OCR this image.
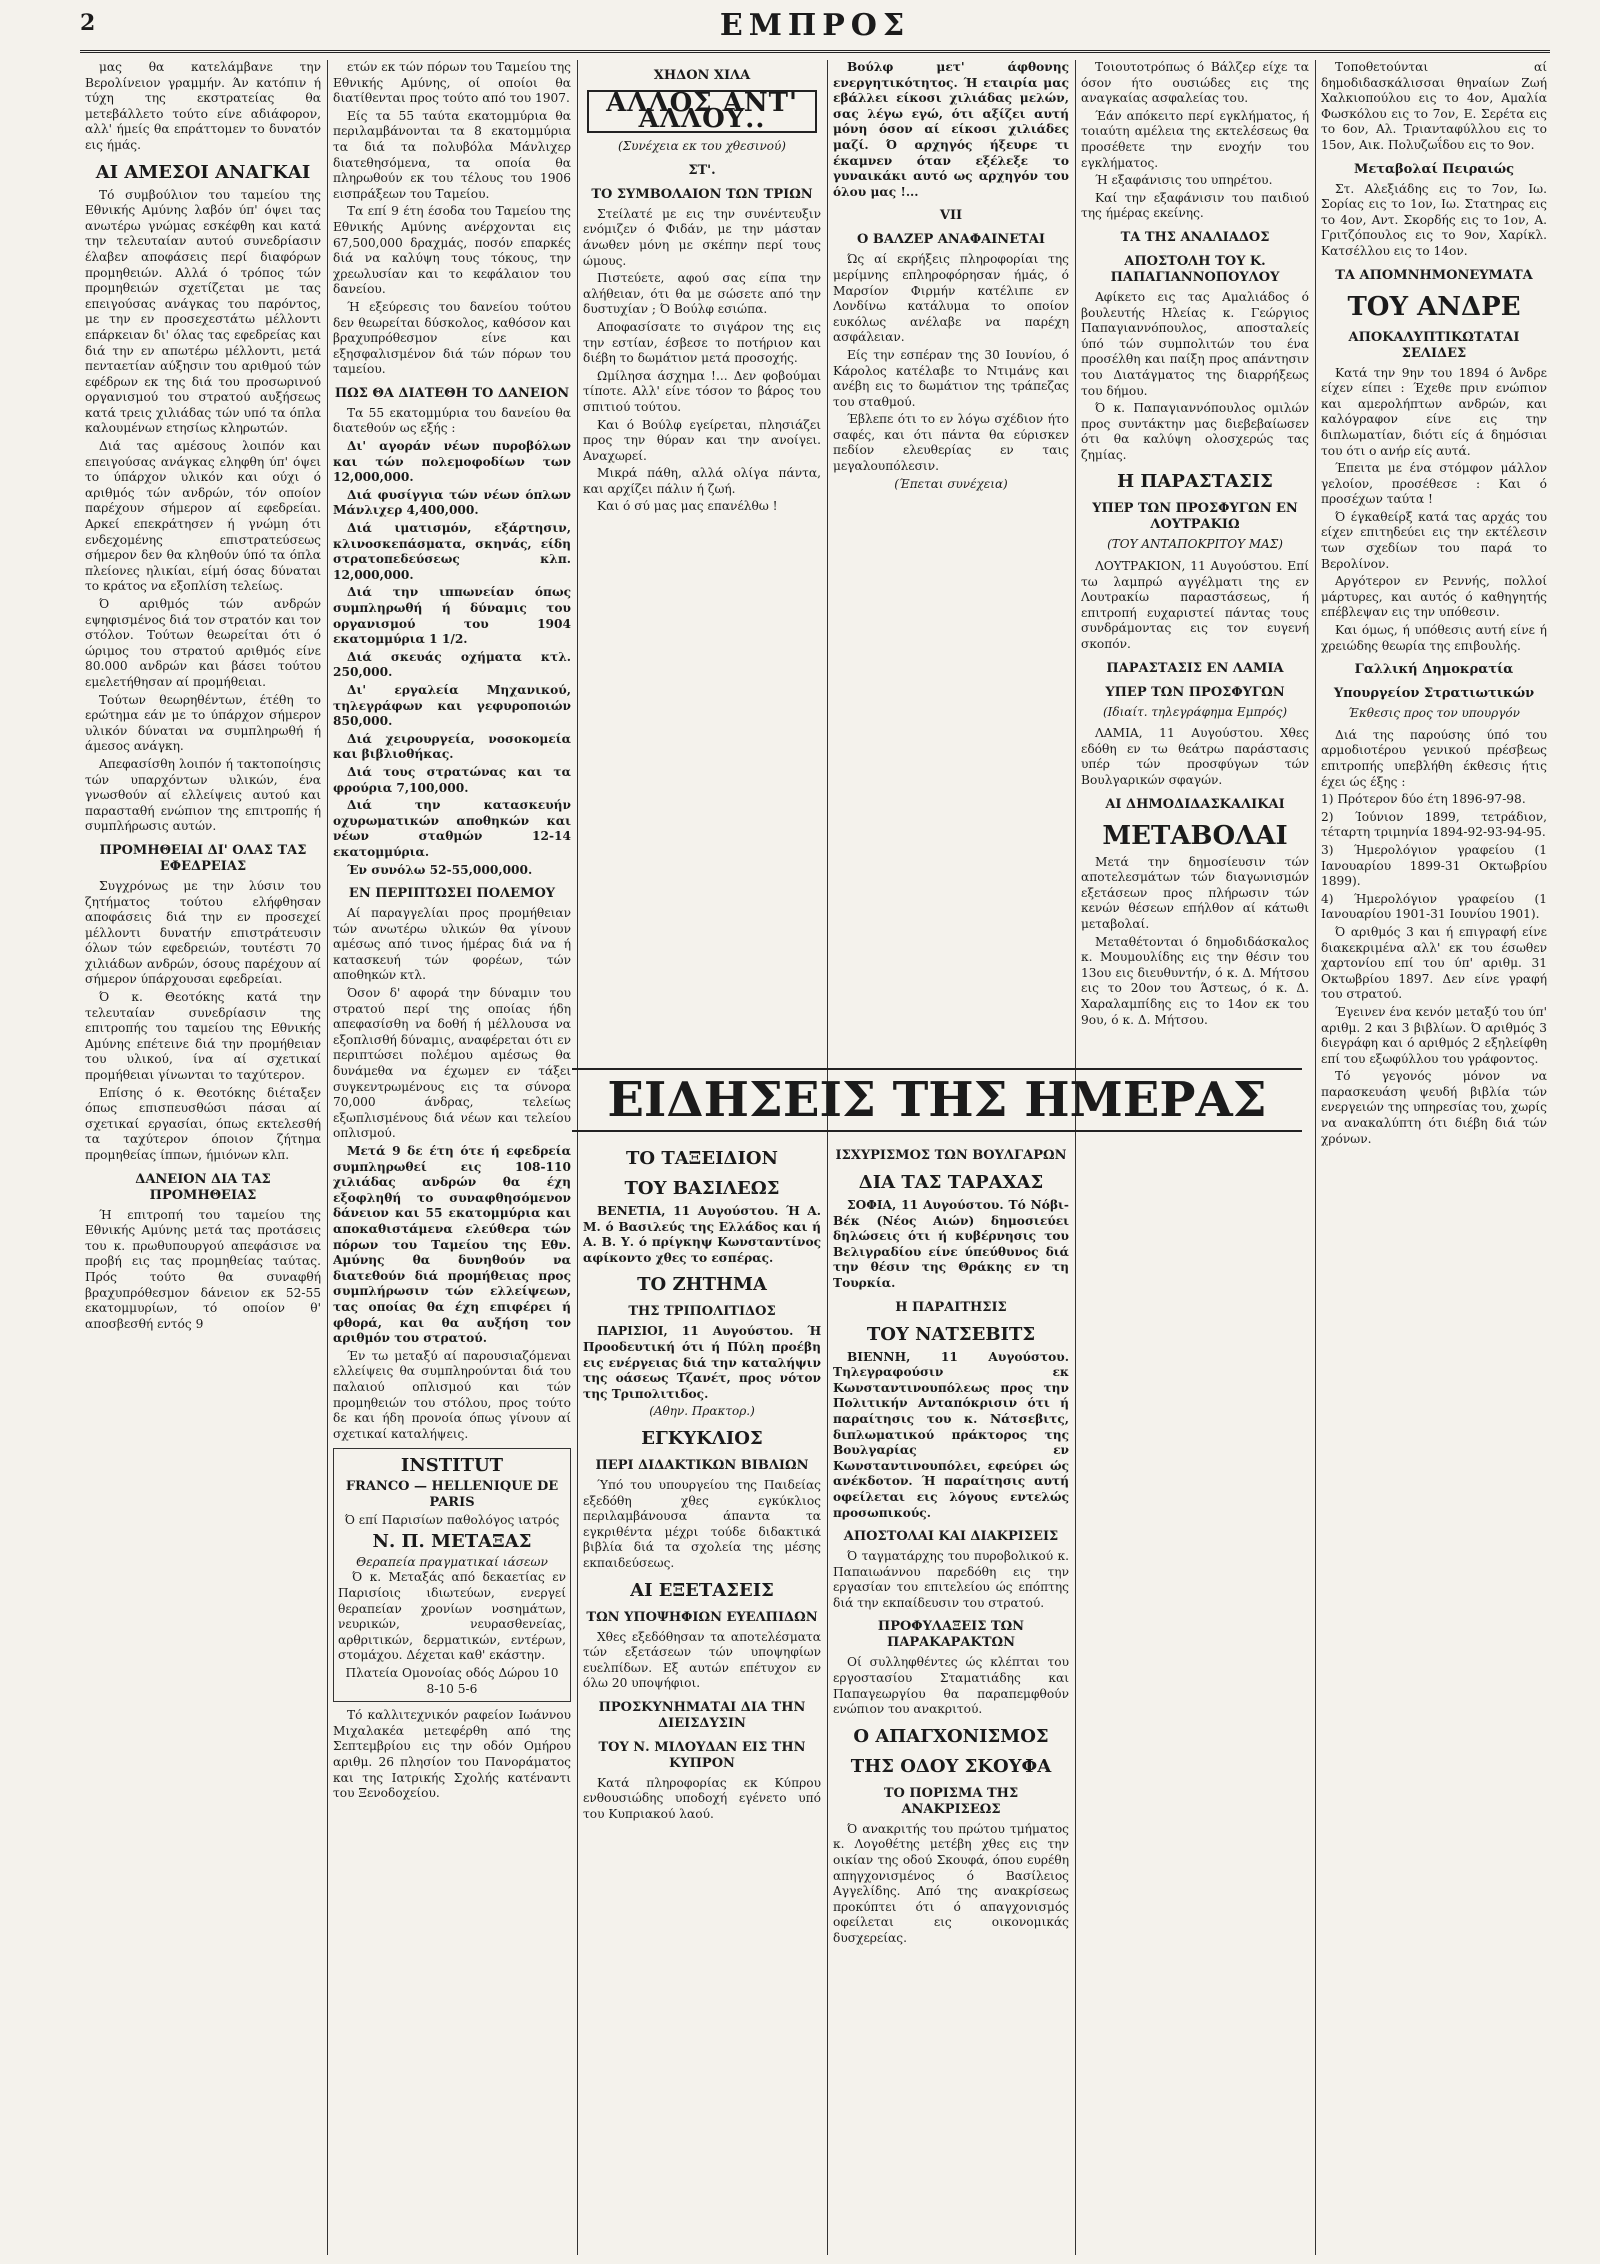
2	ΕΜΠΡΟΣ

μας θα κατελάμβανε την Βερολίνειον γραμμήν. Άν κατόπιν ή τύχη της εκστρατείας θα μετεβάλλετο τούτο είνε αδιάφορον, αλλ' ήμείς θα επράττομεν το δυνατόν εις ήμάς.

ΑΙ ΑΜΕΣΟΙ ΑΝΑΓΚΑΙ

Τό συμβούλιον του ταμείου της Εθνικής Αμύνης λαβόν ύπ' όψει τας ανωτέρω γνώμας εσκέφθη και κατά την τελευταίαν αυτού συνεδρίασιν έλαβεν αποφάσεις περί διαφόρων προμηθειών. Αλλά ό τρόπος τών προμηθειών σχετίζεται με τας επειγούσας ανάγκας του παρόντος, με την εν προσεχεστάτω μέλλοντι επάρκειαν δι' όλας τας εφεδρείας και διά την εν απωτέρω μέλλοντι, μετά πενταετίαν αύξησιν του αριθμού τών εφέδρων εκ της διά του προσωρινού οργανισμού του στρατού αυξήσεως κατά τρεις χιλιάδας τών υπό τα όπλα καλουμένων ετησίως κληρωτών.

Διά τας αμέσους λοιπόν και επειγούσας ανάγκας εληφθη ύπ' όψει το ύπάρχον υλικόν και ούχι ό αριθμός τών ανδρών, τόν οποίον παρέχουν σήμερον αί εφεδρείαι. Αρκεί επεκράτησεν ή γνώμη ότι ενδεχομένης επιστρατεύσεως σήμερον δεν θα κληθούν ύπό τα όπλα πλείονες ηλικίαι, είμή όσας δύναται το κράτος να εξοπλίση τελείως.

Ό αριθμός τών ανδρών εψηφισμένος διά τον στρατόν και τον στόλον. Τούτων θεωρείται ότι ό ώριμος του στρατού αριθμός είνε 80.000 ανδρών και βάσει τούτου εμελετήθησαν αί προμήθειαι.

Τούτων θεωρηθέντων, έτέθη το ερώτημα εάν με το ύπάρχον σήμερον υλικόν δύναται να συμπληρωθή ή άμεσος ανάγκη.

Απεφασίσθη λοιπόν ή τακτοποίησις τών υπαρχόντων υλικών, ένα γνωσθούν αί ελλείψεις αυτού και παρασταθή ενώπιον της επιτροπής ή συμπλήρωσις αυτών.

ΠΡΟΜΗΘΕΙΑΙ ΔΙ' ΟΛΑΣ ΤΑΣ ΕΦΕΔΡΕΙΑΣ

Συγχρόνως με την λύσιν του ζητήματος τούτου ελήφθησαν αποφάσεις διά την εν προσεχεί μέλλοντι δυνατήν επιστράτευσιν όλων τών εφεδρειών, τουτέστι 70 χιλιάδων ανδρών, όσους παρέχουν αί σήμερον ύπάρχουσαι εφεδρείαι.

Ό κ. Θεοτόκης κατά την τελευταίαν συνεδρίασιν της επιτροπής του ταμείου της Εθνικής Αμύνης επέτεινε διά την προμήθειαν του υλικού, ίνα αί σχετικαί προμήθειαι γίνωνται το ταχύτερον.

Επίσης ό κ. Θεοτόκης διέταξεν όπως επισπευσθώσι πάσαι αί σχετικαί εργασίαι, όπως εκτελεσθή τα ταχύτερον όποιον ζήτημα προμηθείας ίππων, ήμιόνων κλπ.

ΔΑΝΕΙΟΝ ΔΙΑ ΤΑΣ ΠΡΟΜΗΘΕΙΑΣ

Ή επιτροπή του ταμείου της Εθνικής Αμύνης μετά τας προτάσεις του κ. πρωθυπουργού απεφάσισε να προβή εις τας προμηθείας ταύτας. Πρός τούτο θα συναφθή βραχυπρόθεσμον δάνειον εκ 52-55 εκατομμυρίων, τό οποίον θ' αποσβεσθή εντός 9

ετών εκ τών πόρων του Ταμείου της Εθνικής Αμύνης, οί οποίοι θα διατίθενται προς τούτο από του 1907.

Είς τα 55 ταύτα εκατομμύρια θα περιλαμβάνονται τα 8 εκατομμύρια τα διά τα πολυβόλα Μάνλιχερ διατεθησόμενα, τα οποία θα πληρωθούν εκ του τέλους του 1906 εισπράξεων του Ταμείου.

Τα επί 9 έτη έσοδα του Ταμείου της Εθνικής Αμύνης ανέρχονται εις 67,500,000 δραχμάς, ποσόν επαρκές διά να καλύψη τους τόκους, την χρεωλυσίαν και το κεφάλαιον του δανείου.

Ή εξεύρεσις του δανείου τούτου δεν θεωρείται δύσκολος, καθόσον και βραχυπρόθεσμον είνε και εξησφαλισμένον διά τών πόρων του ταμείου.

ΠΩΣ ΘΑ ΔΙΑΤΕΘΗ ΤΟ ΔΑΝΕΙΟΝ

Τα 55 εκατομμύρια του δανείου θα διατεθούν ως εξής :

Δι' αγοράν νέων πυροβόλων και τών πολεμοφοδίων των 12,000,000.

Διά φυσίγγια τών νέων όπλων Μάνλιχερ 4,400,000.

Διά ιματισμόν, εξάρτησιν, κλινοσκεπάσματα, σκηνάς, είδη στρατοπεδεύσεως κλπ. 12,000,000.

Διά την ιππωνείαν όπως συμπληρωθή ή δύναμις του οργανισμού του 1904 εκατομμύρια 1 1/2.

Διά σκευάς οχήματα κτλ. 250,000.

Δι' εργαλεία Μηχανικού, τηλεγράφων και γεφυροποιών 850,000.

Διά χειρουργεία, νοσοκομεία και βιβλιοθήκας.

Διά τους στρατώνας και τα φρούρια 7,100,000.

Διά την κατασκευήν οχυρωματικών αποθηκών και νέων σταθμών 12-14 εκατομμύρια.

Έν συνόλω 52-55,000,000.

ΕΝ ΠΕΡΙΠΤΩΣΕΙ ΠΟΛΕΜΟΥ

Αί παραγγελίαι προς προμήθειαν τών ανωτέρω υλικών θα γίνουν αμέσως από τινος ήμέρας διά να ή κατασκευή τών φορέων, τών αποθηκών κτλ.

Όσον δ' αφορά την δύναμιν του στρατού περί της οποίας ήδη απεφασίσθη να δοθή ή μέλλουσα να εξοπλισθή δύναμις, αναφέρεται ότι εν περιπτώσει πολέμου αμέσως θα δυνάμεθα να έχωμεν εν τάξει συγκεντρωμένους εις τα σύνορα 70,000 άνδρας, τελείως εξωπλισμένους διά νέων και τελείου οπλισμού.

Μετά 9 δε έτη ότε ή εφεδρεία συμπληρωθεί εις 108-110 χιλιάδας ανδρών θα έχη εξοφληθή το συναφθησόμενον δάνειον και 55 εκατομμύρια και αποκαθιστάμενα ελεύθερα τών πόρων του Ταμείου της Εθν. Αμύνης θα δυνηθούν να διατεθούν διά προμήθειας προς συμπλήρωσιν τών ελλείψεων, τας οποίας θα έχη επιφέρει ή φθορά, και θα αυξήση τον αριθμόν του στρατού.

Έν τω μεταξύ αί παρουσιαζόμεναι ελλείψεις θα συμπληρούνται διά του παλαιού οπλισμού και τών προμηθειών του στόλου, προς τούτο δε και ήδη προνοία όπως γίνουν αί σχετικαί καταλήψεις.

INSTITUT
FRANCO — HELLENIQUE DE PARIS
Ό επί Παρισίων παθολόγος ιατρός
Ν. Π. ΜΕΤΑΞΑΣ
Θεραπεία πραγματικαί ιάσεων

Ό κ. Μεταξάς από δεκαετίας εν Παρισίοις ιδιωτεύων, ενεργεί θεραπείαν χρονίων νοσημάτων, νευρικών, νευρασθενείας, αρθριτικών, δερματικών, εντέρων, στομάχου. Δέχεται καθ' εκάστην.

Πλατεία Ομονοίας οδός Δώρου 10
8-10 5-6

Τό καλλιτεχνικόν ραφείον Ιωάννου Μιχαλακέα μετεφέρθη από της Σεπτεμβρίου εις την οδόν Ομήρου αριθμ. 26 πλησίον του Πανοράματος και της Ιατρικής Σχολής κατέναντι του Ξενοδοχείου.

ΧΗΔΟΝ ΧΙΛΑ
ΑΛΛΟΣ ΑΝΤ' ΑΛΛΟΥ..
(Συνέχεια εκ του χθεσινού)
ΣΤ'.
ΤΟ ΣΥΜΒΟΛΑΙΟΝ ΤΩΝ ΤΡΙΩΝ

Στείλατέ με εις την συνέντευξιν ενόμιζεν ό Φιδάν, με την μάσταν άνωθεν μόνη με σκέπην περί τους ώμους.

Πιστεύετε, αφού σας είπα την αλήθειαν, ότι θα με σώσετε από την δυστυχίαν ; Ό Βούλφ εσιώπα.

Αποφασίσατε το σιγάρον της εις την εστίαν, έσβεσε το ποτήριον και διέβη το δωμάτιον μετά προσοχής.

Ωμίλησα άσχημα !... Δεν φοβούμαι τίποτε. Αλλ' είνε τόσον το βάρος του σπιτιού τούτου.

Και ό Βούλφ εγείρεται, πλησιάζει προς την θύραν και την ανοίγει. Αναχωρεί.

Μικρά πάθη, αλλά ολίγα πάντα, και αρχίζει πάλιν ή ζωή.

Και ό σύ μας μας επανέλθω !

Βούλφ μετ' άφθονης ενεργητικότητος. Ή εταιρία μας εβάλλει είκοσι χιλιάδας μελών, σας λέγω εγώ, ότι αξίζει αυτή μόνη όσον αί είκοσι χιλιάδες μαζί. Ό αρχηγός ήξευρε τι έκαμνεν όταν εξέλεξε το γυναικάκι αυτό ως αρχηγόν του όλου μας !...

VII
Ο ΒΑΛΖΕΡ ΑΝΑΦΑΙΝΕΤΑΙ

Ώς αί εκρήξεις πληροφορίαι της μερίμνης επληροφόρησαν ήμάς, ό Μαρσίον Φιρμήν κατέλιπε εν Λονδίνω κατάλυμα το οποίον ευκόλως ανέλαβε να παρέχη ασφάλειαν.

Είς την εσπέραν της 30 Ιουνίου, ό Κάρολος κατέλαβε το Ντιμάνς και ανέβη εις το δωμάτιον της τράπεζας του σταθμού.

Έβλεπε ότι το εν λόγω σχέδιον ήτο σαφές, και ότι πάντα θα εύρισκεν πεδίον ελευθερίας εν ταις μεγαλουπόλεσιν.

(Έπεται συνέχεια)
ΕΙΔΗΣΕΙΣ ΤΗΣ ΗΜΕΡΑΣ
ΤΟ ΤΑΞΕΙΔΙΟΝ
ΤΟΥ ΒΑΣΙΛΕΩΣ

ΒΕΝΕΤΙΑ, 11 Αυγούστου. Ή Α. Μ. ό Βασιλεύς της Ελλάδος και ή Α. Β. Υ. ό πρίγκηψ Κωνσταντίνος αφίκοντο χθες το εσπέρας.

ΤΟ ΖΗΤΗΜΑ
ΤΗΣ ΤΡΙΠΟΛΙΤΙΔΟΣ

ΠΑΡΙΣΙΟΙ, 11 Αυγούστου. Ή Προοδευτική ότι ή Πύλη προέβη εις ενέργειας διά την καταλήψιν της οάσεως Τζανέτ, προς νότον της Τριπολιτιδος.

(Αθην. Πρακτορ.)
ΕΓΚΥΚΛΙΟΣ
ΠΕΡΙ ΔΙΔΑΚΤΙΚΩΝ ΒΙΒΛΙΩΝ

Ύπό του υπουργείου της Παιδείας εξεδόθη χθες εγκύκλιος περιλαμβάνουσα άπαντα τα εγκριθέντα μέχρι τούδε διδακτικά βιβλία διά τα σχολεία της μέσης εκπαιδεύσεως.

ΑΙ ΕΞΕΤΑΣΕΙΣ
ΤΩΝ ΥΠΟΨΗΦΙΩΝ ΕΥΕΛΠΙΔΩΝ

Χθες εξεδόθησαν τα αποτελέσματα τών εξετάσεων τών υποψηφίων ευελπίδων. Εξ αυτών επέτυχον εν όλω 20 υποψήφιοι.

ΠΡΟΣΚΥΝΗΜΑΤΑΙ ΔΙΑ ΤΗΝ ΔΙΕΙΣΔΥΣΙΝ
ΤΟΥ Ν. ΜΙΛΟΥΔΑΝ ΕΙΣ ΤΗΝ ΚΥΠΡΟΝ

Κατά πληροφορίας εκ Κύπρου ενθουσιώδης υποδοχή εγένετο υπό του Κυπριακού λαού.

ΙΣΧΥΡΙΣΜΟΣ ΤΩΝ ΒΟΥΛΓΑΡΩΝ
ΔΙΑ ΤΑΣ ΤΑΡΑΧΑΣ

ΣΟΦΙΑ, 11 Αυγούστου. Τό Νόβι-Βέκ (Νέος Αιών) δημοσιεύει δηλώσεις ότι ή κυβέρνησις του Βελιγραδίου είνε ύπεύθυνος διά την θέσιν της Θράκης εν τη Τουρκία.

Η ΠΑΡΑΙΤΗΣΙΣ
ΤΟΥ ΝΑΤΣΕΒΙΤΣ

ΒΙΕΝΝΗ, 11 Αυγούστου. Τηλεγραφούσιν εκ Κωνσταντινουπόλεως προς την Πολιτικήν Ανταπόκρισιν ότι ή παραίτησις του κ. Νάτσεβιτς, διπλωματικού πράκτορος της Βουλγαρίας εν Κωνσταντινουπόλει, εφεύρει ώς ανέκδοτον. Ή παραίτησις αυτή οφείλεται εις λόγους εντελώς προσωπικούς.

ΑΠΟΣΤΟΛΑΙ ΚΑΙ ΔΙΑΚΡΙΣΕΙΣ

Ό ταγματάρχης του πυροβολικού κ. Παπαιωάννου παρεδόθη εις την εργασίαν του επιτελείου ώς επόπτης διά την εκπαίδευσιν του στρατού.

ΠΡΟΦΥΛΑΞΕΙΣ ΤΩΝ ΠΑΡΑΚΑΡΑΚΤΩΝ

Οί συλληφθέντες ώς κλέπται του εργοστασίου Σταματιάδης και Παπαγεωργίου θα παραπεμφθούν ενώπιον του ανακριτού.

Ο ΑΠΑΓΧΟΝΙΣΜΟΣ
ΤΗΣ ΟΔΟΥ ΣΚΟΥΦΑ
ΤΟ ΠΟΡΙΣΜΑ ΤΗΣ ΑΝΑΚΡΙΣΕΩΣ

Ό ανακριτής του πρώτου τμήματος κ. Λογοθέτης μετέβη χθες εις την οικίαν της οδού Σκουφά, όπου ευρέθη απηγχονισμένος ό Βασίλειος Αγγελίδης. Από της ανακρίσεως προκύπτει ότι ό απαγχονισμός οφείλεται εις οικονομικάς δυσχερείας.

Τοιουτοτρόπως ό Βάλζερ είχε τα όσον ήτο ουσιώδες εις της αναγκαίας ασφαλείας του.

Έάν απόκειτο περί εγκλήματος, ή τοιαύτη αμέλεια της εκτελέσεως θα προσέθετε την ενοχήν του εγκλήματος.

Ή εξαφάνισις του υπηρέτου.

Καί την εξαφάνισιν του παιδιού της ήμέρας εκείνης.

ΤΑ ΤΗΣ ΑΝΑΛΙΑΔΟΣ
ΑΠΟΣΤΟΛΗ ΤΟΥ Κ. ΠΑΠΑΓΙΑΝΝΟΠΟΥΛΟΥ

Αφίκετο εις τας Αμαλιάδος ό βουλευτής Ηλείας κ. Γεώργιος Παπαγιαννόπουλος, αποσταλείς ύπό τών συμπολιτών του ένα προσέλθη και παίξη προς απάντησιν του Διατάγματος της διαρρήξεως του δήμου.

Ό κ. Παπαγιαννόπουλος ομιλών προς συντάκτην μας διεβεβαίωσεν ότι θα καλύψη ολοσχερώς τας ζημίας.

Η ΠΑΡΑΣΤΑΣΙΣ
ΥΠΕΡ ΤΩΝ ΠΡΟΣΦΥΓΩΝ ΕΝ ΛΟΥΤΡΑΚΙΩ
(ΤΟΥ ΑΝΤΑΠΟΚΡΙΤΟΥ ΜΑΣ)

ΛΟΥΤΡΑΚΙΟΝ, 11 Αυγούστου. Επί τω λαμπρώ αγγέλματι της εν Λουτρακίω παραστάσεως, ή επιτροπή ευχαριστεί πάντας τους συνδράμοντας εις τον ευγενή σκοπόν.

ΠΑΡΑΣΤΑΣΙΣ ΕΝ ΛΑΜΙΑ
ΥΠΕΡ ΤΩΝ ΠΡΟΣΦΥΓΩΝ
(Ιδιαίτ. τηλεγράφημα Εμπρός)

ΛΑΜΙΑ, 11 Αυγούστου. Χθες εδόθη εν τω θεάτρω παράστασις υπέρ τών προσφύγων τών Βουλγαρικών σφαγών.

ΑΙ ΔΗΜΟΔΙΔΑΣΚΑΛΙΚΑΙ
ΜΕΤΑΒΟΛΑΙ

Μετά την δημοσίευσιν τών αποτελεσμάτων τών διαγωνισμών εξετάσεων προς πλήρωσιν τών κενών θέσεων επήλθον αί κάτωθι μεταβολαί.

Μεταθέτονται ό δημοδιδάσκαλος κ. Μουμουλίδης εις την θέσιν του 13ου εις διευθυντήν, ό κ. Δ. Μήτσου εις το 20ον του Άστεως, ό κ. Δ. Χαραλαμπίδης εις το 14ον εκ του 9ου, ό κ. Δ. Μήτσου.

Τοποθετούνται αί δημοδιδασκάλισσαι θηναίων Ζωή Χαλκιοπούλου εις το 4ον, Αμαλία Φωσκόλου εις το 7ον, Ε. Σερέτα εις το 6ον, Αλ. Τριανταφύλλου εις το 15ον, Αικ. Πολυζωΐδου εις το 9ον.

Μεταβολαί Πειραιώς

Στ. Αλεξιάδης εις το 7ον, Ιω. Σορίας εις το 1ον, Ιω. Στατηρας εις το 4ον, Αντ. Σκορδής εις το 1ον, Α. Γριτζόπουλος εις το 9ον, Χαρίκλ. Κατσέλλου εις το 14ον.

ΤΑ ΑΠΟΜΝΗΜΟΝΕΥΜΑΤΑ
ΤΟΥ ΑΝΔΡΕ
ΑΠΟΚΑΛΥΠΤΙΚΩΤΑΤΑΙ ΣΕΛΙΔΕΣ

Κατά την 9ην του 1894 ό Άνδρε είχεν είπει : Έχεθε πριν ενώπιον και αμερολήπτων ανδρών, και καλόγραφον είνε εις την διπλωματίαν, διότι είς ά δημόσιαι του ότι ο ανήρ είς αυτά.

Έπειτα με ένα στόμφον μάλλον γελοίον, προσέθεσε : Και ό προσέχων ταύτα !

Ό έγκαθείρξ κατά τας αρχάς του είχεν επιτηδεύει εις την εκτέλεσιν των σχεδίων του παρά το Βερολίνον.

Αργότερον εν Ρεννής, πολλοί μάρτυρες, και αυτός ό καθηγητής επέβλεψαν εις την υπόθεσιν.

Και όμως, ή υπόθεσις αυτή είνε ή χρειώδης θεωρία της επιβουλής.

Γαλλική Δημοκρατία
Υπουργείον Στρατιωτικών
Έκθεσις προς τον υπουργόν

Διά της παρούσης ύπό του αρμοδιοτέρου γενικού πρέσβεως επιτροπής υπεβλήθη έκθεσις ήτις έχει ώς έξης :

1) Πρότερον δύο έτη 1896-97-98.

2) Ίούνιον 1899, τετράδιον, τέταρτη τριμηνία 1894-92-93-94-95.

3) Ήμερολόγιον γραφείου (1 Ιανουαρίου 1899-31 Οκτωβρίου 1899).

4) Ήμερολόγιον γραφείου (1 Ιανουαρίου 1901-31 Ιουνίου 1901).

Ό αριθμός 3 και ή επιγραφή είνε διακεκριμένα αλλ' εκ του έσωθεν χαρτονίου επί του ύπ' αριθμ. 31 Οκτωβρίου 1897. Δεν είνε γραφή του στρατού.

Έγεινεν ένα κενόν μεταξύ του ύπ' αριθμ. 2 και 3 βιβλίων. Ό αριθμός 3 διεγράφη και ό αριθμός 2 εξηλείφθη επί του εξωφύλλου του γράφοντος.

Τό γεγονός μόνον να παρασκευάση ψευδή βιβλία τών ενεργειών της υπηρεσίας του, χωρίς να ανακαλύπτη ότι διέβη διά τών χρόνων.
